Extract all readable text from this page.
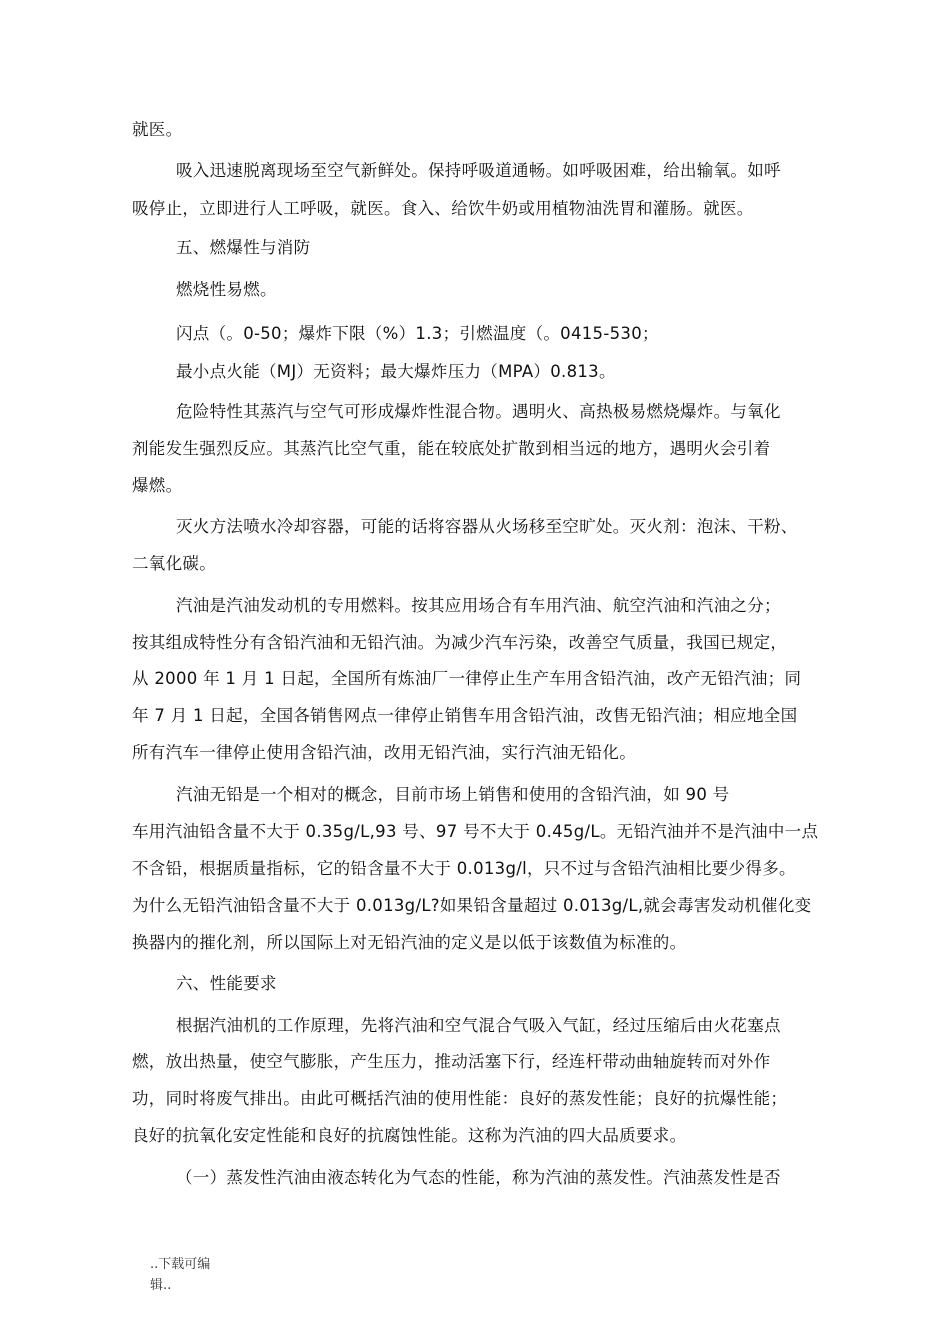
就医。
吸入迅速脱离现场至空气新鲜处。保持呼吸道通畅。如呼吸困难，给出输氧。如呼
吸停止，立即进行人工呼吸，就医。食入、给饮牛奶或用植物油洗胃和灌肠。就医。
五、燃爆性与消防
燃烧性易燃。
闪点（。0-50；爆炸下限（%）1.3；引燃温度（。0415-530；
最小点火能（MJ）无资料；最大爆炸压力（MPA）0.813。
危险特性其蒸汽与空气可形成爆炸性混合物。遇明火、高热极易燃烧爆炸。与氧化
剂能发生强烈反应。其蒸汽比空气重，能在较底处扩散到相当远的地方，遇明火会引着
爆燃。
灭火方法喷水冷却容器，可能的话将容器从火场移至空旷处。灭火剂：泡沫、干粉、
二氧化碳。
汽油是汽油发动机的专用燃料。按其应用场合有车用汽油、航空汽油和汽油之分；
按其组成特性分有含铅汽油和无铅汽油。为减少汽车污染，改善空气质量，我国已规定，
从 2000 年 1 月 1 日起，全国所有炼油厂一律停止生产车用含铅汽油，改产无铅汽油；同
年 7 月 1 日起，全国各销售网点一律停止销售车用含铅汽油，改售无铅汽油；相应地全国
所有汽车一律停止使用含铅汽油，改用无铅汽油，实行汽油无铅化。
汽油无铅是一个相对的概念，目前市场上销售和使用的含铅汽油，如 90 号
车用汽油铅含量不大于 0.35g/L,93 号、97 号不大于 0.45g/L。无铅汽油并不是汽油中一点
不含铅，根据质量指标，它的铅含量不大于 0.013g/l，只不过与含铅汽油相比要少得多。
为什么无铅汽油铅含量不大于 0.013g/L?如果铅含量超过 0.013g/L,就会毒害发动机催化变
换器内的摧化剂，所以国际上对无铅汽油的定义是以低于该数值为标准的。
六、性能要求
根据汽油机的工作原理，先将汽油和空气混合气吸入气缸，经过压缩后由火花塞点
燃，放出热量，使空气膨胀，产生压力，推动活塞下行，经连杆带动曲轴旋转而对外作
功，同时将废气排出。由此可概括汽油的使用性能：良好的蒸发性能；良好的抗爆性能；
良好的抗氧化安定性能和良好的抗腐蚀性能。这称为汽油的四大品质要求。
（一）蒸发性汽油由液态转化为气态的性能，称为汽油的蒸发性。汽油蒸发性是否
..下载可编
辑..
